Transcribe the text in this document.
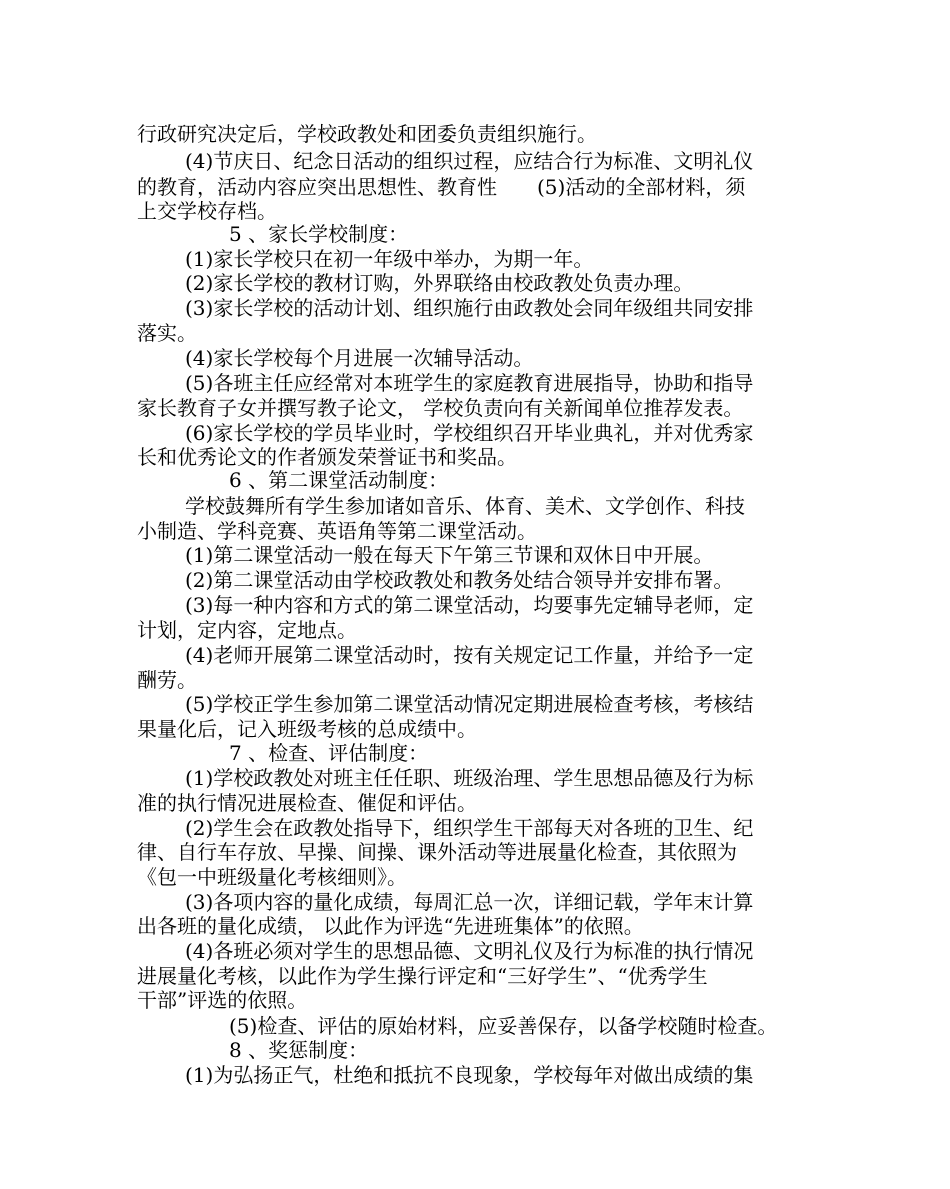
行政研究决定后，学校政教处和团委负责组织施行。
(4)节庆日、纪念日活动的组织过程，应结合行为标准、文明礼仪
的教育，活动内容应突出思想性、教育性　　(5)活动的全部材料，须
上交学校存档。
5 、家长学校制度：
(1)家长学校只在初一年级中举办，为期一年。
(2)家长学校的教材订购，外界联络由校政教处负责办理。
(3)家长学校的活动计划、组织施行由政教处会同年级组共同安排
落实。
(4)家长学校每个月进展一次辅导活动。
(5)各班主任应经常对本班学生的家庭教育进展指导，协助和指导
家长教育子女并撰写教子论文， 学校负责向有关新闻单位推荐发表。
(6)家长学校的学员毕业时，学校组织召开毕业典礼，并对优秀家
长和优秀论文的作者颁发荣誉证书和奖品。
6 、第二课堂活动制度：
学校鼓舞所有学生参加诸如音乐、体育、美术、文学创作、科技
小制造、学科竞赛、英语角等第二课堂活动。
(1)第二课堂活动一般在每天下午第三节课和双休日中开展。
(2)第二课堂活动由学校政教处和教务处结合领导并安排布署。
(3)每一种内容和方式的第二课堂活动，均要事先定辅导老师，定
计划，定内容，定地点。
(4)老师开展第二课堂活动时，按有关规定记工作量，并给予一定
酬劳。
(5)学校正学生参加第二课堂活动情况定期进展检查考核，考核结
果量化后，记入班级考核的总成绩中。
7 、检查、评估制度：
(1)学校政教处对班主任任职、班级治理、学生思想品德及行为标
准的执行情况进展检查、催促和评估。
(2)学生会在政教处指导下，组织学生干部每天对各班的卫生、纪
律、自行车存放、早操、间操、课外活动等进展量化检查，其依照为
《包一中班级量化考核细则》。
(3)各项内容的量化成绩，每周汇总一次，详细记载，学年末计算
出各班的量化成绩， 以此作为评选“先进班集体”的依照。
(4)各班必须对学生的思想品德、文明礼仪及行为标准的执行情况
进展量化考核，以此作为学生操行评定和“三好学生”、“优秀学生
干部”评选的依照。
(5)检查、评估的原始材料，应妥善保存，以备学校随时检查。
8 、奖惩制度：
(1)为弘扬正气，杜绝和抵抗不良现象，学校每年对做出成绩的集
